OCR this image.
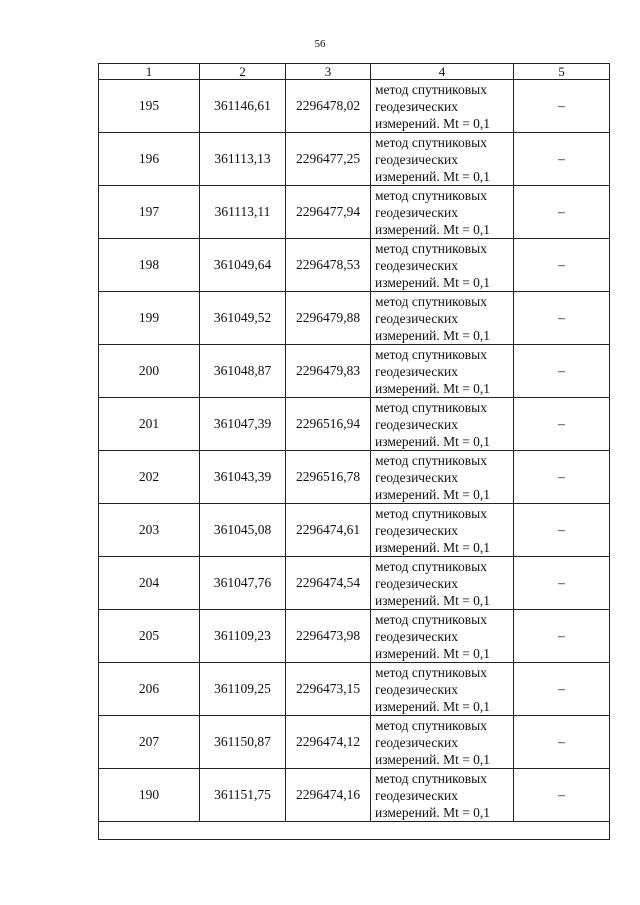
56
1	2	3	4	5
195	361146,61	2296478,02	метод спутниковых
геодезических
измерений. Mt = 0,1	–
196	361113,13	2296477,25	метод спутниковых
геодезических
измерений. Mt = 0,1	–
197	361113,11	2296477,94	метод спутниковых
геодезических
измерений. Mt = 0,1	–
198	361049,64	2296478,53	метод спутниковых
геодезических
измерений. Mt = 0,1	–
199	361049,52	2296479,88	метод спутниковых
геодезических
измерений. Mt = 0,1	–
200	361048,87	2296479,83	метод спутниковых
геодезических
измерений. Mt = 0,1	–
201	361047,39	2296516,94	метод спутниковых
геодезических
измерений. Mt = 0,1	–
202	361043,39	2296516,78	метод спутниковых
геодезических
измерений. Mt = 0,1	–
203	361045,08	2296474,61	метод спутниковых
геодезических
измерений. Mt = 0,1	–
204	361047,76	2296474,54	метод спутниковых
геодезических
измерений. Mt = 0,1	–
205	361109,23	2296473,98	метод спутниковых
геодезических
измерений. Mt = 0,1	–
206	361109,25	2296473,15	метод спутниковых
геодезических
измерений. Mt = 0,1	–
207	361150,87	2296474,12	метод спутниковых
геодезических
измерений. Mt = 0,1	–
190	361151,75	2296474,16	метод спутниковых
геодезических
измерений. Mt = 0,1	–
